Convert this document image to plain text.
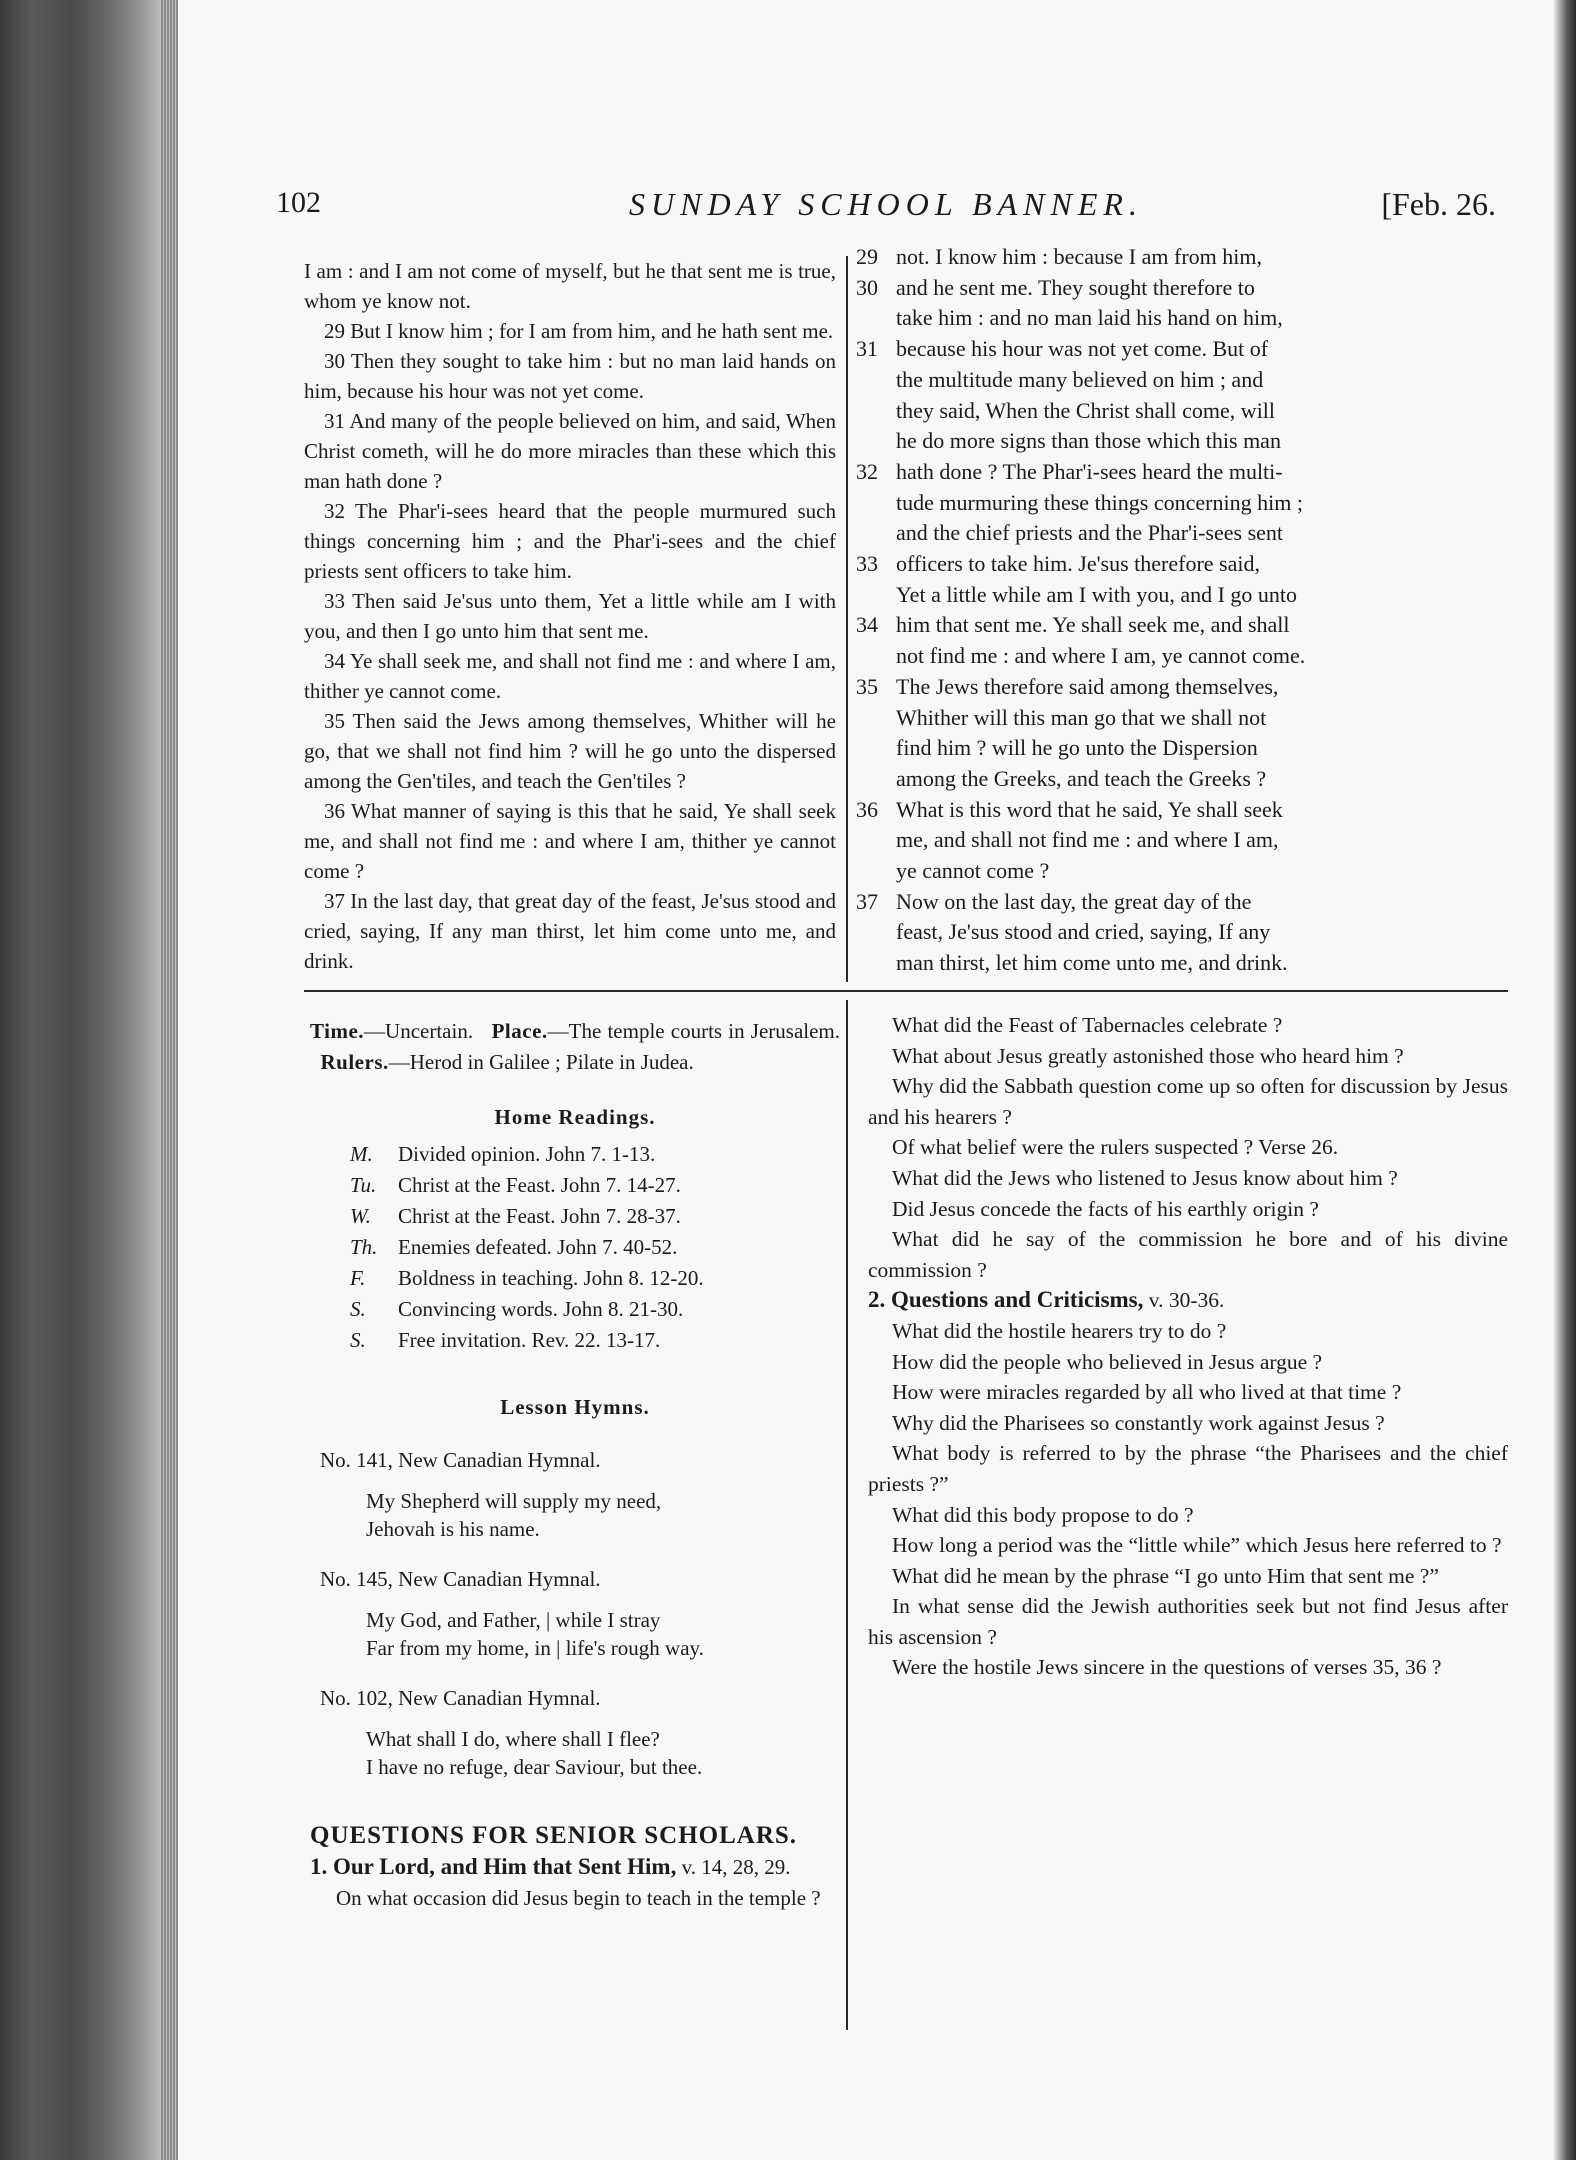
102	SUNDAY SCHOOL BANNER.	[Feb. 26.

I am : and I am not come of myself, but he that sent me is true, whom ye know not.

29 But I know him ; for I am from him, and he hath sent me.

30 Then they sought to take him : but no man laid hands on him, because his hour was not yet come.

31 And many of the people believed on him, and said, When Christ cometh, will he do more miracles than these which this man hath done ?

32 The Phar'i-sees heard that the people murmured such things concerning him ; and the Phar'i-sees and the chief priests sent officers to take him.

33 Then said Je'sus unto them, Yet a little while am I with you, and then I go unto him that sent me.

34 Ye shall seek me, and shall not find me : and where I am, thither ye cannot come.

35 Then said the Jews among themselves, Whither will he go, that we shall not find him ? will he go unto the dispersed among the Gen'tiles, and teach the Gen'tiles ?

36 What manner of saying is this that he said, Ye shall seek me, and shall not find me : and where I am, thither ye cannot come ?

37 In the last day, that great day of the feast, Je'sus stood and cried, saying, If any man thirst, let him come unto me, and drink.

29 not. I know him : because I am from him,
30 and he sent me. They sought therefore to
take him : and no man laid his hand on him,
31 because his hour was not yet come. But of
the multitude many believed on him ; and
they said, When the Christ shall come, will
he do more signs than those which this man
32 hath done ? The Phar'i-sees heard the multi-
tude murmuring these things concerning him ;
and the chief priests and the Phar'i-sees sent
33 officers to take him. Je'sus therefore said,
Yet a little while am I with you, and I go unto
34 him that sent me. Ye shall seek me, and shall
not find me : and where I am, ye cannot come.
35 The Jews therefore said among themselves,
Whither will this man go that we shall not
find him ? will he go unto the Dispersion
among the Greeks, and teach the Greeks ?
36 What is this word that he said, Ye shall seek
me, and shall not find me : and where I am,
ye cannot come ?
37 Now on the last day, the great day of the
feast, Je'sus stood and cried, saying, If any
man thirst, let him come unto me, and drink.
Time.—Uncertain. Place.—The temple courts in Jerusalem.   Rulers.—Herod in Galilee ; Pilate in Judea.
Home Readings.
M.	Divided opinion. John 7. 1-13.
Tu.	Christ at the Feast. John 7. 14-27.
W.	Christ at the Feast. John 7. 28-37.
Th. Enemies defeated. John 7. 40-52.
F.	Boldness in teaching. John 8. 12-20.
S.	Convincing words. John 8. 21-30.
S.	Free invitation. Rev. 22. 13-17.
Lesson Hymns.
No. 141, New Canadian Hymnal.
My Shepherd will supply my need,
Jehovah is his name.
No. 145, New Canadian Hymnal.
My God, and Father, | while I stray
Far from my home, in | life's rough way.
No. 102, New Canadian Hymnal.
What shall I do, where shall I flee?
I have no refuge, dear Saviour, but thee.
QUESTIONS FOR SENIOR SCHOLARS.
1. Our Lord, and Him that Sent Him, v. 14, 28, 29.

On what occasion did Jesus begin to teach in the temple ?

What did the Feast of Tabernacles celebrate ?

What about Jesus greatly astonished those who heard him ?

Why did the Sabbath question come up so often for discussion by Jesus and his hearers ?

Of what belief were the rulers suspected ? Verse 26.

What did the Jews who listened to Jesus know about him ?

Did Jesus concede the facts of his earthly origin ?

What did he say of the commission he bore and of his divine commission ?

2. Questions and Criticisms, v. 30-36.

What did the hostile hearers try to do ?

How did the people who believed in Jesus argue ?

How were miracles regarded by all who lived at that time ?

Why did the Pharisees so constantly work against Jesus ?

What body is referred to by the phrase “the Pharisees and the chief priests ?”

What did this body propose to do ?

How long a period was the “little while” which Jesus here referred to ?

What did he mean by the phrase “I go unto Him that sent me ?”

In what sense did the Jewish authorities seek but not find Jesus after his ascension ?

Were the hostile Jews sincere in the questions of verses 35, 36 ?
